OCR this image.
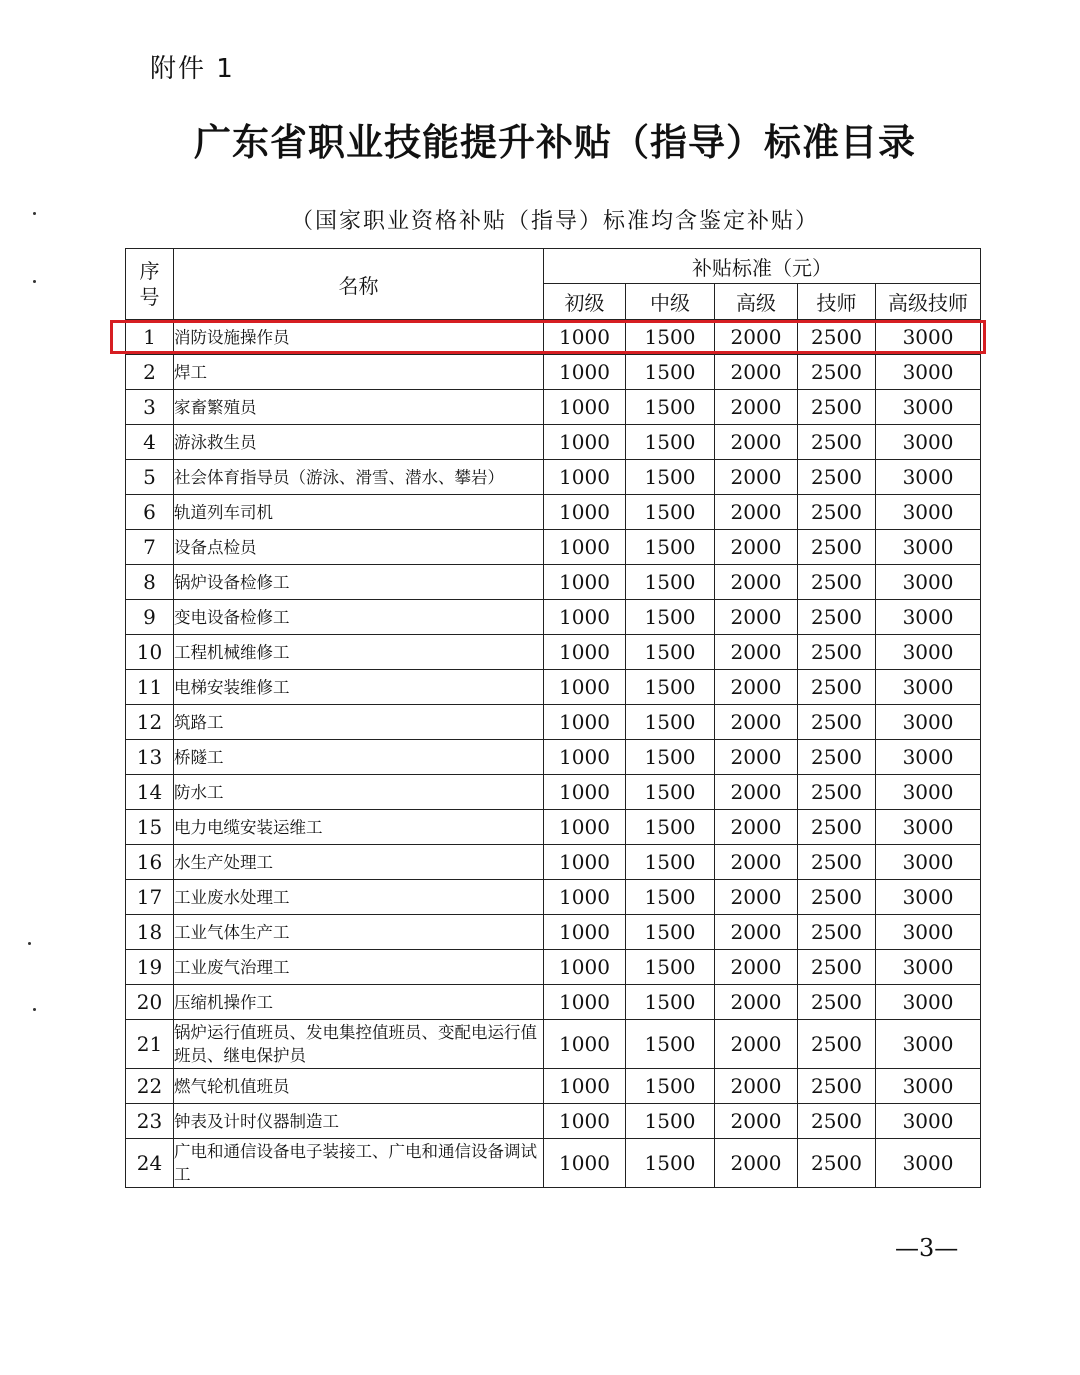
附件 1
广东省职业技能提升补贴（指导）标准目录
（国家职业资格补贴（指导）标准均含鉴定补贴）
序
号	名称	补贴标准（元）				
		初级	中级	高级	技师	高级技师
1	消防设施操作员	1000	1500	2000	2500	3000
2	焊工	1000	1500	2000	2500	3000
3	家畜繁殖员	1000	1500	2000	2500	3000
4	游泳救生员	1000	1500	2000	2500	3000
5	社会体育指导员（游泳、滑雪、潜水、攀岩）	1000	1500	2000	2500	3000
6	轨道列车司机	1000	1500	2000	2500	3000
7	设备点检员	1000	1500	2000	2500	3000
8	锅炉设备检修工	1000	1500	2000	2500	3000
9	变电设备检修工	1000	1500	2000	2500	3000
10	工程机械维修工	1000	1500	2000	2500	3000
11	电梯安装维修工	1000	1500	2000	2500	3000
12	筑路工	1000	1500	2000	2500	3000
13	桥隧工	1000	1500	2000	2500	3000
14	防水工	1000	1500	2000	2500	3000
15	电力电缆安装运维工	1000	1500	2000	2500	3000
16	水生产处理工	1000	1500	2000	2500	3000
17	工业废水处理工	1000	1500	2000	2500	3000
18	工业气体生产工	1000	1500	2000	2500	3000
19	工业废气治理工	1000	1500	2000	2500	3000
20	压缩机操作工	1000	1500	2000	2500	3000
21	锅炉运行值班员、发电集控值班员、变配电运行值班员、继电保护员	1000	1500	2000	2500	3000
22	燃气轮机值班员	1000	1500	2000	2500	3000
23	钟表及计时仪器制造工	1000	1500	2000	2500	3000
24	广电和通信设备电子装接工、广电和通信设备调试工	1000	1500	2000	2500	3000
—3—
